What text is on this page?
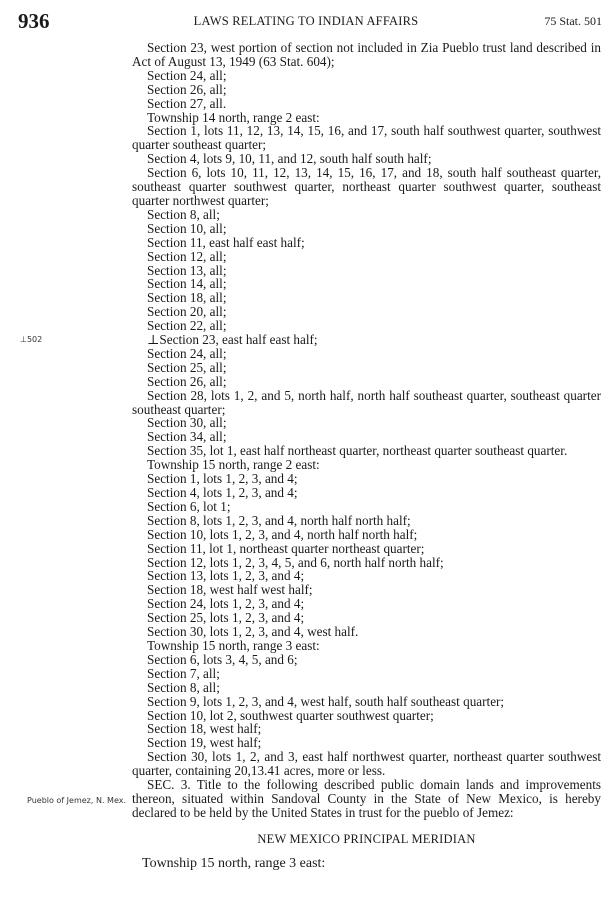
936	LAWS RELATING TO INDIAN AFFAIRS	75 Stat. 501
⊥502
Pueblo of Jemez, N. Mex.

Section 23, west portion of section not included in Zia Pueblo trust land described in Act of August 13, 1949 (63 Stat. 604);

Section 24, all;

Section 26, all;

Section 27, all.

Township 14 north, range 2 east:

Section 1, lots 11, 12, 13, 14, 15, 16, and 17, south half southwest quarter, southwest quarter southeast quarter;

Section 4, lots 9, 10, 11, and 12, south half south half;

Section 6, lots 10, 11, 12, 13, 14, 15, 16, 17, and 18, south half southeast quarter, southeast quarter southwest quarter, northeast quarter southwest quarter, southeast quarter northwest quarter;

Section 8, all;

Section 10, all;

Section 11, east half east half;

Section 12, all;

Section 13, all;

Section 14, all;

Section 18, all;

Section 20, all;

Section 22, all;

⊥Section 23, east half east half;

Section 24, all;

Section 25, all;

Section 26, all;

Section 28, lots 1, 2, and 5, north half, north half southeast quarter, southeast quarter southeast quarter;

Section 30, all;

Section 34, all;

Section 35, lot 1, east half northeast quarter, northeast quarter southeast quarter.

Township 15 north, range 2 east:

Section 1, lots 1, 2, 3, and 4;

Section 4, lots 1, 2, 3, and 4;

Section 6, lot 1;

Section 8, lots 1, 2, 3, and 4, north half north half;

Section 10, lots 1, 2, 3, and 4, north half north half;

Section 11, lot 1, northeast quarter northeast quarter;

Section 12, lots 1, 2, 3, 4, 5, and 6, north half north half;

Section 13, lots 1, 2, 3, and 4;

Section 18, west half west half;

Section 24, lots 1, 2, 3, and 4;

Section 25, lots 1, 2, 3, and 4;

Section 30, lots 1, 2, 3, and 4, west half.

Township 15 north, range 3 east:

Section 6, lots 3, 4, 5, and 6;

Section 7, all;

Section 8, all;

Section 9, lots 1, 2, 3, and 4, west half, south half southeast quarter;

Section 10, lot 2, southwest quarter southwest quarter;

Section 18, west half;

Section 19, west half;

Section 30, lots 1, 2, and 3, east half northwest quarter, northeast quarter southwest quarter, containing 20,13.41 acres, more or less.

SEC. 3. Title to the following described public domain lands and improvements thereon, situated within Sandoval County in the State of New Mexico, is hereby declared to be held by the United States in trust for the pueblo of Jemez:

NEW MEXICO PRINCIPAL MERIDIAN

Township 15 north, range 3 east:
